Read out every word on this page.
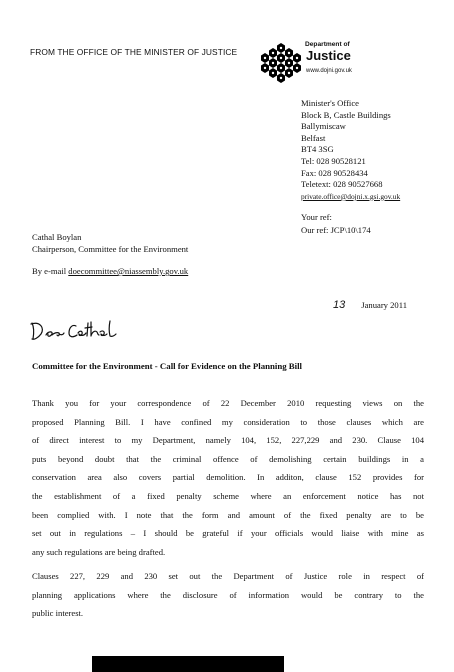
FROM THE OFFICE OF THE MINISTER OF JUSTICE
Department of
Justice
www.dojni.gov.uk
Minister's Office
Block B, Castle Buildings
Ballymiscaw
Belfast
BT4 3SG
Tel: 028 90528121
Fax: 028 90528434
Teletext: 028 90527668
private.office@dojni.x.gsi.gov.uk
Your ref:
Our ref: JCP\10\174
Cathal Boylan
Chairperson, Committee for the Environment
By e-mail doecommittee@niassembly.gov.uk
13 January 2011
Dear Cathal
Committee for the Environment - Call for Evidence on the Planning Bill
Thank you for your correspondence of 22 December 2010 requesting views on the
proposed Planning Bill. I have confined my consideration to those clauses which are
of direct interest to my Department, namely 104, 152, 227,229 and 230. Clause 104
puts beyond doubt that the criminal offence of demolishing certain buildings in a
conservation area also covers partial demolition. In additon, clause 152 provides for
the establishment of a fixed penalty scheme where an enforcement notice has not
been complied with. I note that the form and amount of the fixed penalty are to be
set out in regulations – I should be grateful if your officials would liaise with mine as
any such regulations are being drafted.
Clauses 227, 229 and 230 set out the Department of Justice role in respect of
planning applications where the disclosure of information would be contrary to the
public interest.
